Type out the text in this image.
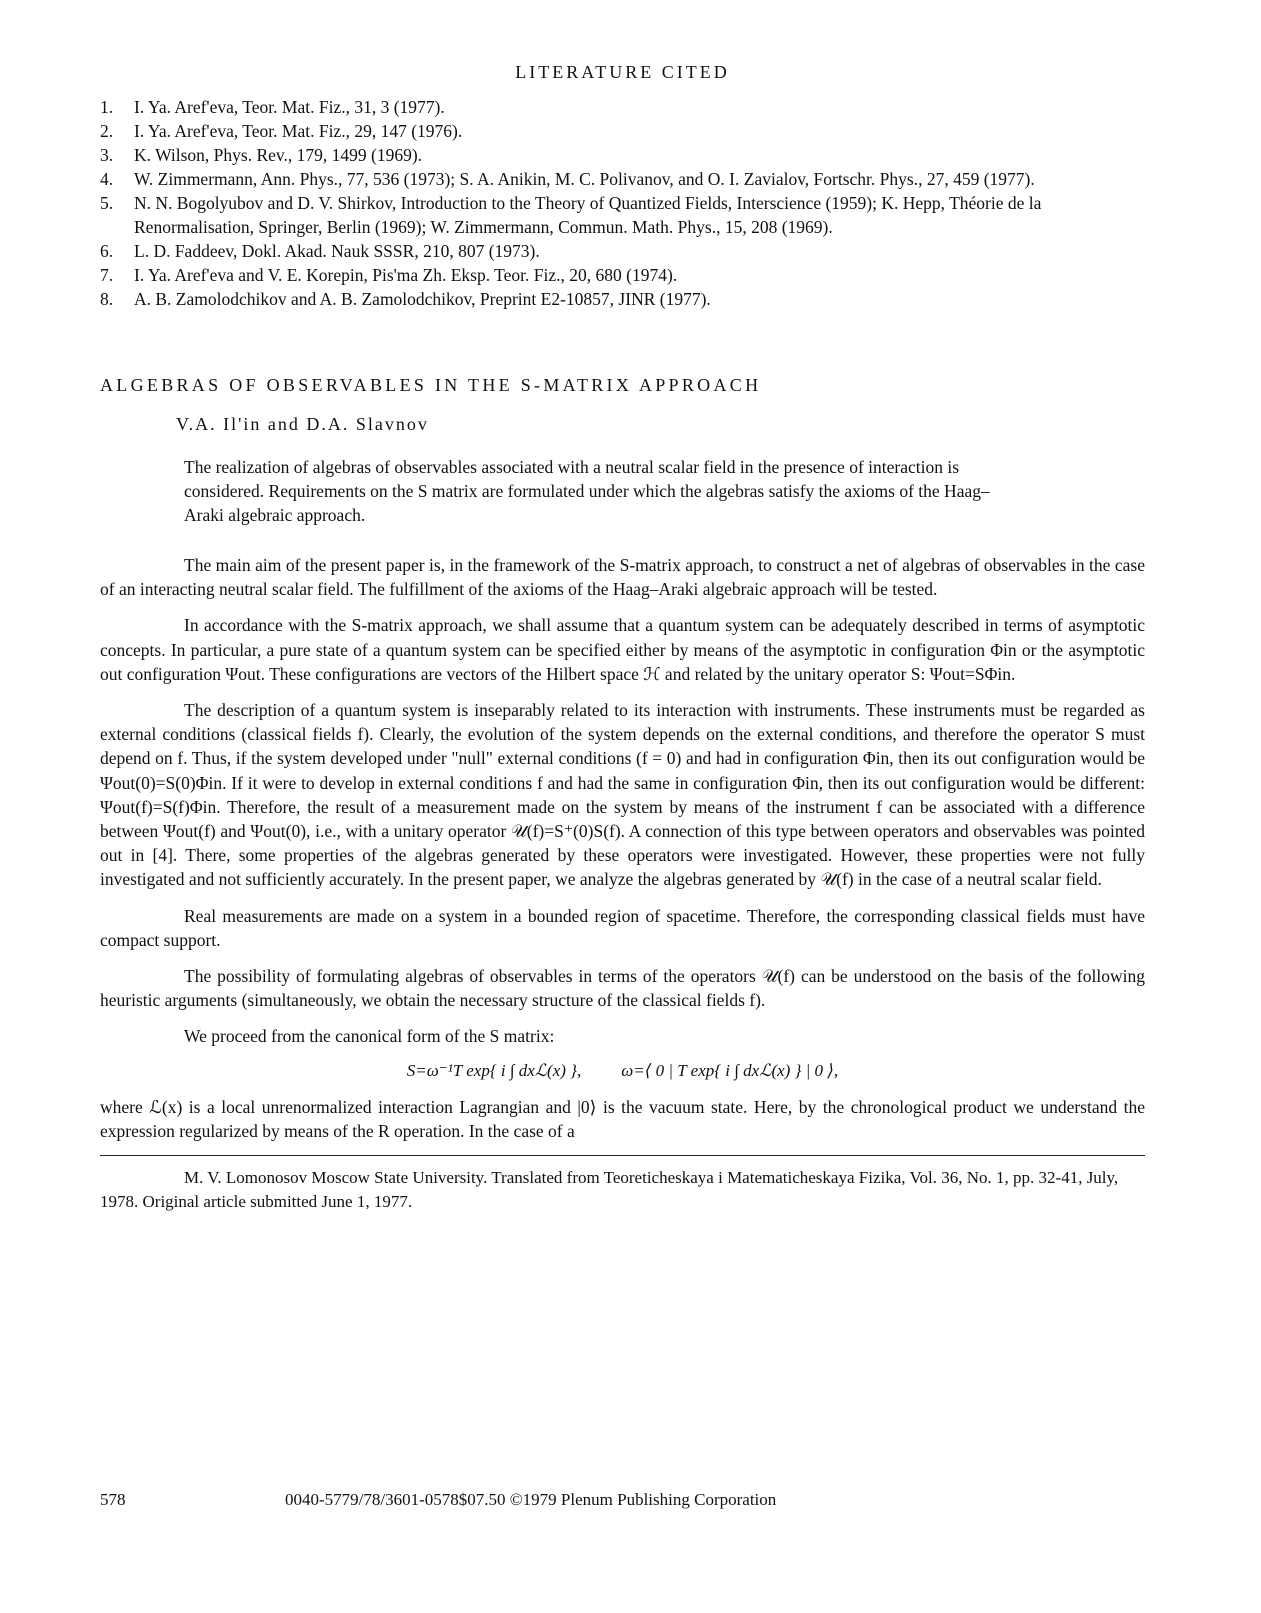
LITERATURE CITED
1.	I. Ya. Aref'eva, Teor. Mat. Fiz., 31, 3 (1977).
2.	I. Ya. Aref'eva, Teor. Mat. Fiz., 29, 147 (1976).
3.	K. Wilson, Phys. Rev., 179, 1499 (1969).
4.	W. Zimmermann, Ann. Phys., 77, 536 (1973); S. A. Anikin, M. C. Polivanov, and O. I. Zavialov, Fortschr. Phys., 27, 459 (1977).
5.	N. N. Bogolyubov and D. V. Shirkov, Introduction to the Theory of Quantized Fields, Interscience (1959); K. Hepp, Théorie de la Renormalisation, Springer, Berlin (1969); W. Zimmermann, Commun. Math. Phys., 15, 208 (1969).
6.	L. D. Faddeev, Dokl. Akad. Nauk SSSR, 210, 807 (1973).
7.	I. Ya. Aref'eva and V. E. Korepin, Pis'ma Zh. Eksp. Teor. Fiz., 20, 680 (1974).
8.	A. B. Zamolodchikov and A. B. Zamolodchikov, Preprint E2-10857, JINR (1977).
ALGEBRAS OF OBSERVABLES IN THE S-MATRIX APPROACH
V.A. Il'in and D.A. Slavnov

The realization of algebras of observables associated with a neutral scalar field in the presence of interaction is considered. Requirements on the S matrix are formulated under which the algebras satisfy the axioms of the Haag–Araki algebraic approach.

The main aim of the present paper is, in the framework of the S-matrix approach, to construct a net of algebras of observables in the case of an interacting neutral scalar field. The fulfillment of the axioms of the Haag–Araki algebraic approach will be tested.

In accordance with the S-matrix approach, we shall assume that a quantum system can be adequately described in terms of asymptotic concepts. In particular, a pure state of a quantum system can be specified either by means of the asymptotic in configuration Φin or the asymptotic out configuration Ψout. These configurations are vectors of the Hilbert space ℋ and related by the unitary operator S: Ψout=SΦin.

The description of a quantum system is inseparably related to its interaction with instruments. These instruments must be regarded as external conditions (classical fields f). Clearly, the evolution of the system depends on the external conditions, and therefore the operator S must depend on f. Thus, if the system developed under "null" external conditions (f = 0) and had in configuration Φin, then its out configuration would be Ψout(0)=S(0)Φin. If it were to develop in external conditions f and had the same in configuration Φin, then its out configuration would be different: Ψout(f)=S(f)Φin. Therefore, the result of a measurement made on the system by means of the instrument f can be associated with a difference between Ψout(f) and Ψout(0), i.e., with a unitary operator 𝒰(f)=S⁺(0)S(f). A connection of this type between operators and observables was pointed out in [4]. There, some properties of the algebras generated by these operators were investigated. However, these properties were not fully investigated and not sufficiently accurately. In the present paper, we analyze the algebras generated by 𝒰(f) in the case of a neutral scalar field.

Real measurements are made on a system in a bounded region of spacetime. Therefore, the corresponding classical fields must have compact support.

The possibility of formulating algebras of observables in terms of the operators 𝒰(f) can be understood on the basis of the following heuristic arguments (simultaneously, we obtain the necessary structure of the classical fields f).

We proceed from the canonical form of the S matrix:

S=ω⁻¹T exp{ i ∫ dxℒ(x) }, ω=⟨ 0 | T exp{ i ∫ dxℒ(x) } | 0 ⟩,

where ℒ(x) is a local unrenormalized interaction Lagrangian and |0⟩ is the vacuum state. Here, by the chronological product we understand the expression regularized by means of the R operation. In the case of a

M. V. Lomonosov Moscow State University. Translated from Teoreticheskaya i Matematicheskaya Fizika, Vol. 36, No. 1, pp. 32-41, July, 1978. Original article submitted June 1, 1977.

578	0040-5779/78/3601-0578$07.50 ©1979 Plenum Publishing Corporation
